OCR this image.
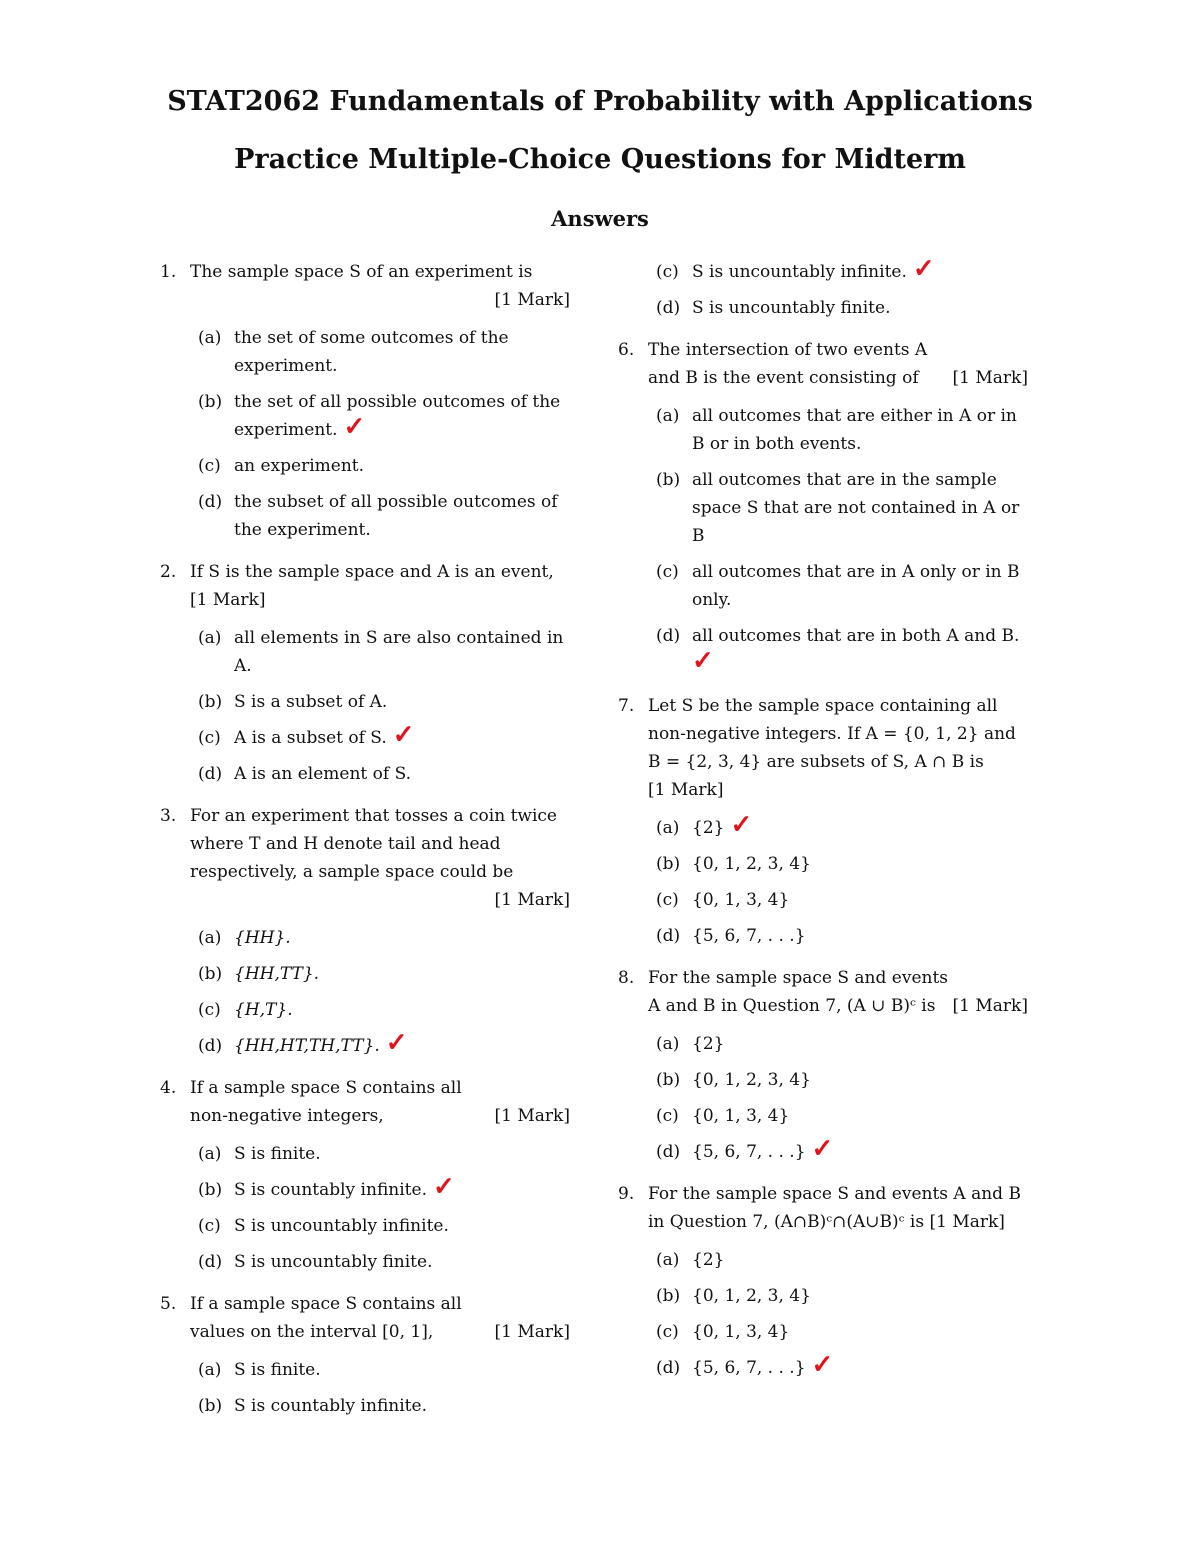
STAT2062 Fundamentals of Probability with Applications
Practice Multiple-Choice Questions for Midterm
Answers
1. The sample space S of an experiment is
[1 Mark]
(a) the set of some outcomes of the experiment.
(b) the set of all possible outcomes of the experiment. ✓
(c) an experiment.
(d) the subset of all possible outcomes of the experiment.
2. If S is the sample space and A is an event,
[1 Mark]
(a) all elements in S are also contained in A.
(b) S is a subset of A.
(c) A is a subset of S. ✓
(d) A is an element of S.
3. For an experiment that tosses a coin twice where T and H denote tail and head respectively, a sample space could be
[1 Mark]
(a) {HH}.
(b) {HH,TT}.
(c) {H,T}.
(d) {HH,HT,TH,TT}. ✓
4.
[1 Mark]
If a sample space S contains all non-negative integers,
(a) S is finite.
(b) S is countably infinite. ✓
(c) S is uncountably infinite.
(d) S is uncountably finite.
5.
[1 Mark]
If a sample space S contains all values on the interval [0, 1],
(a) S is finite.
(b) S is countably infinite.
(c) S is uncountably infinite. ✓
(d) S is uncountably finite.
6.
[1 Mark]
The intersection of two events A and B is the event consisting of
(a) all outcomes that are either in A or in B or in both events.
(b) all outcomes that are in the sample space S that are not contained in A or B
(c) all outcomes that are in A only or in B only.
(d) all outcomes that are in both A and B.
✓
7. Let S be the sample space containing all non-negative integers. If A = {0, 1, 2} and B = {2, 3, 4} are subsets of S, A ∩ B is
[1 Mark]
(a) {2} ✓
(b) {0, 1, 2, 3, 4}
(c) {0, 1, 3, 4}
(d) {5, 6, 7, . . .}
8.
[1 Mark]
For the sample space S and events A and B in Question 7, (A ∪ B)ᶜ is
(a) {2}
(b) {0, 1, 2, 3, 4}
(c) {0, 1, 3, 4}
(d) {5, 6, 7, . . .} ✓
9. For the sample space S and events A and B in Question 7, (A∩B)ᶜ∩(A∪B)ᶜ is [1 Mark]
(a) {2}
(b) {0, 1, 2, 3, 4}
(c) {0, 1, 3, 4}
(d) {5, 6, 7, . . .} ✓
